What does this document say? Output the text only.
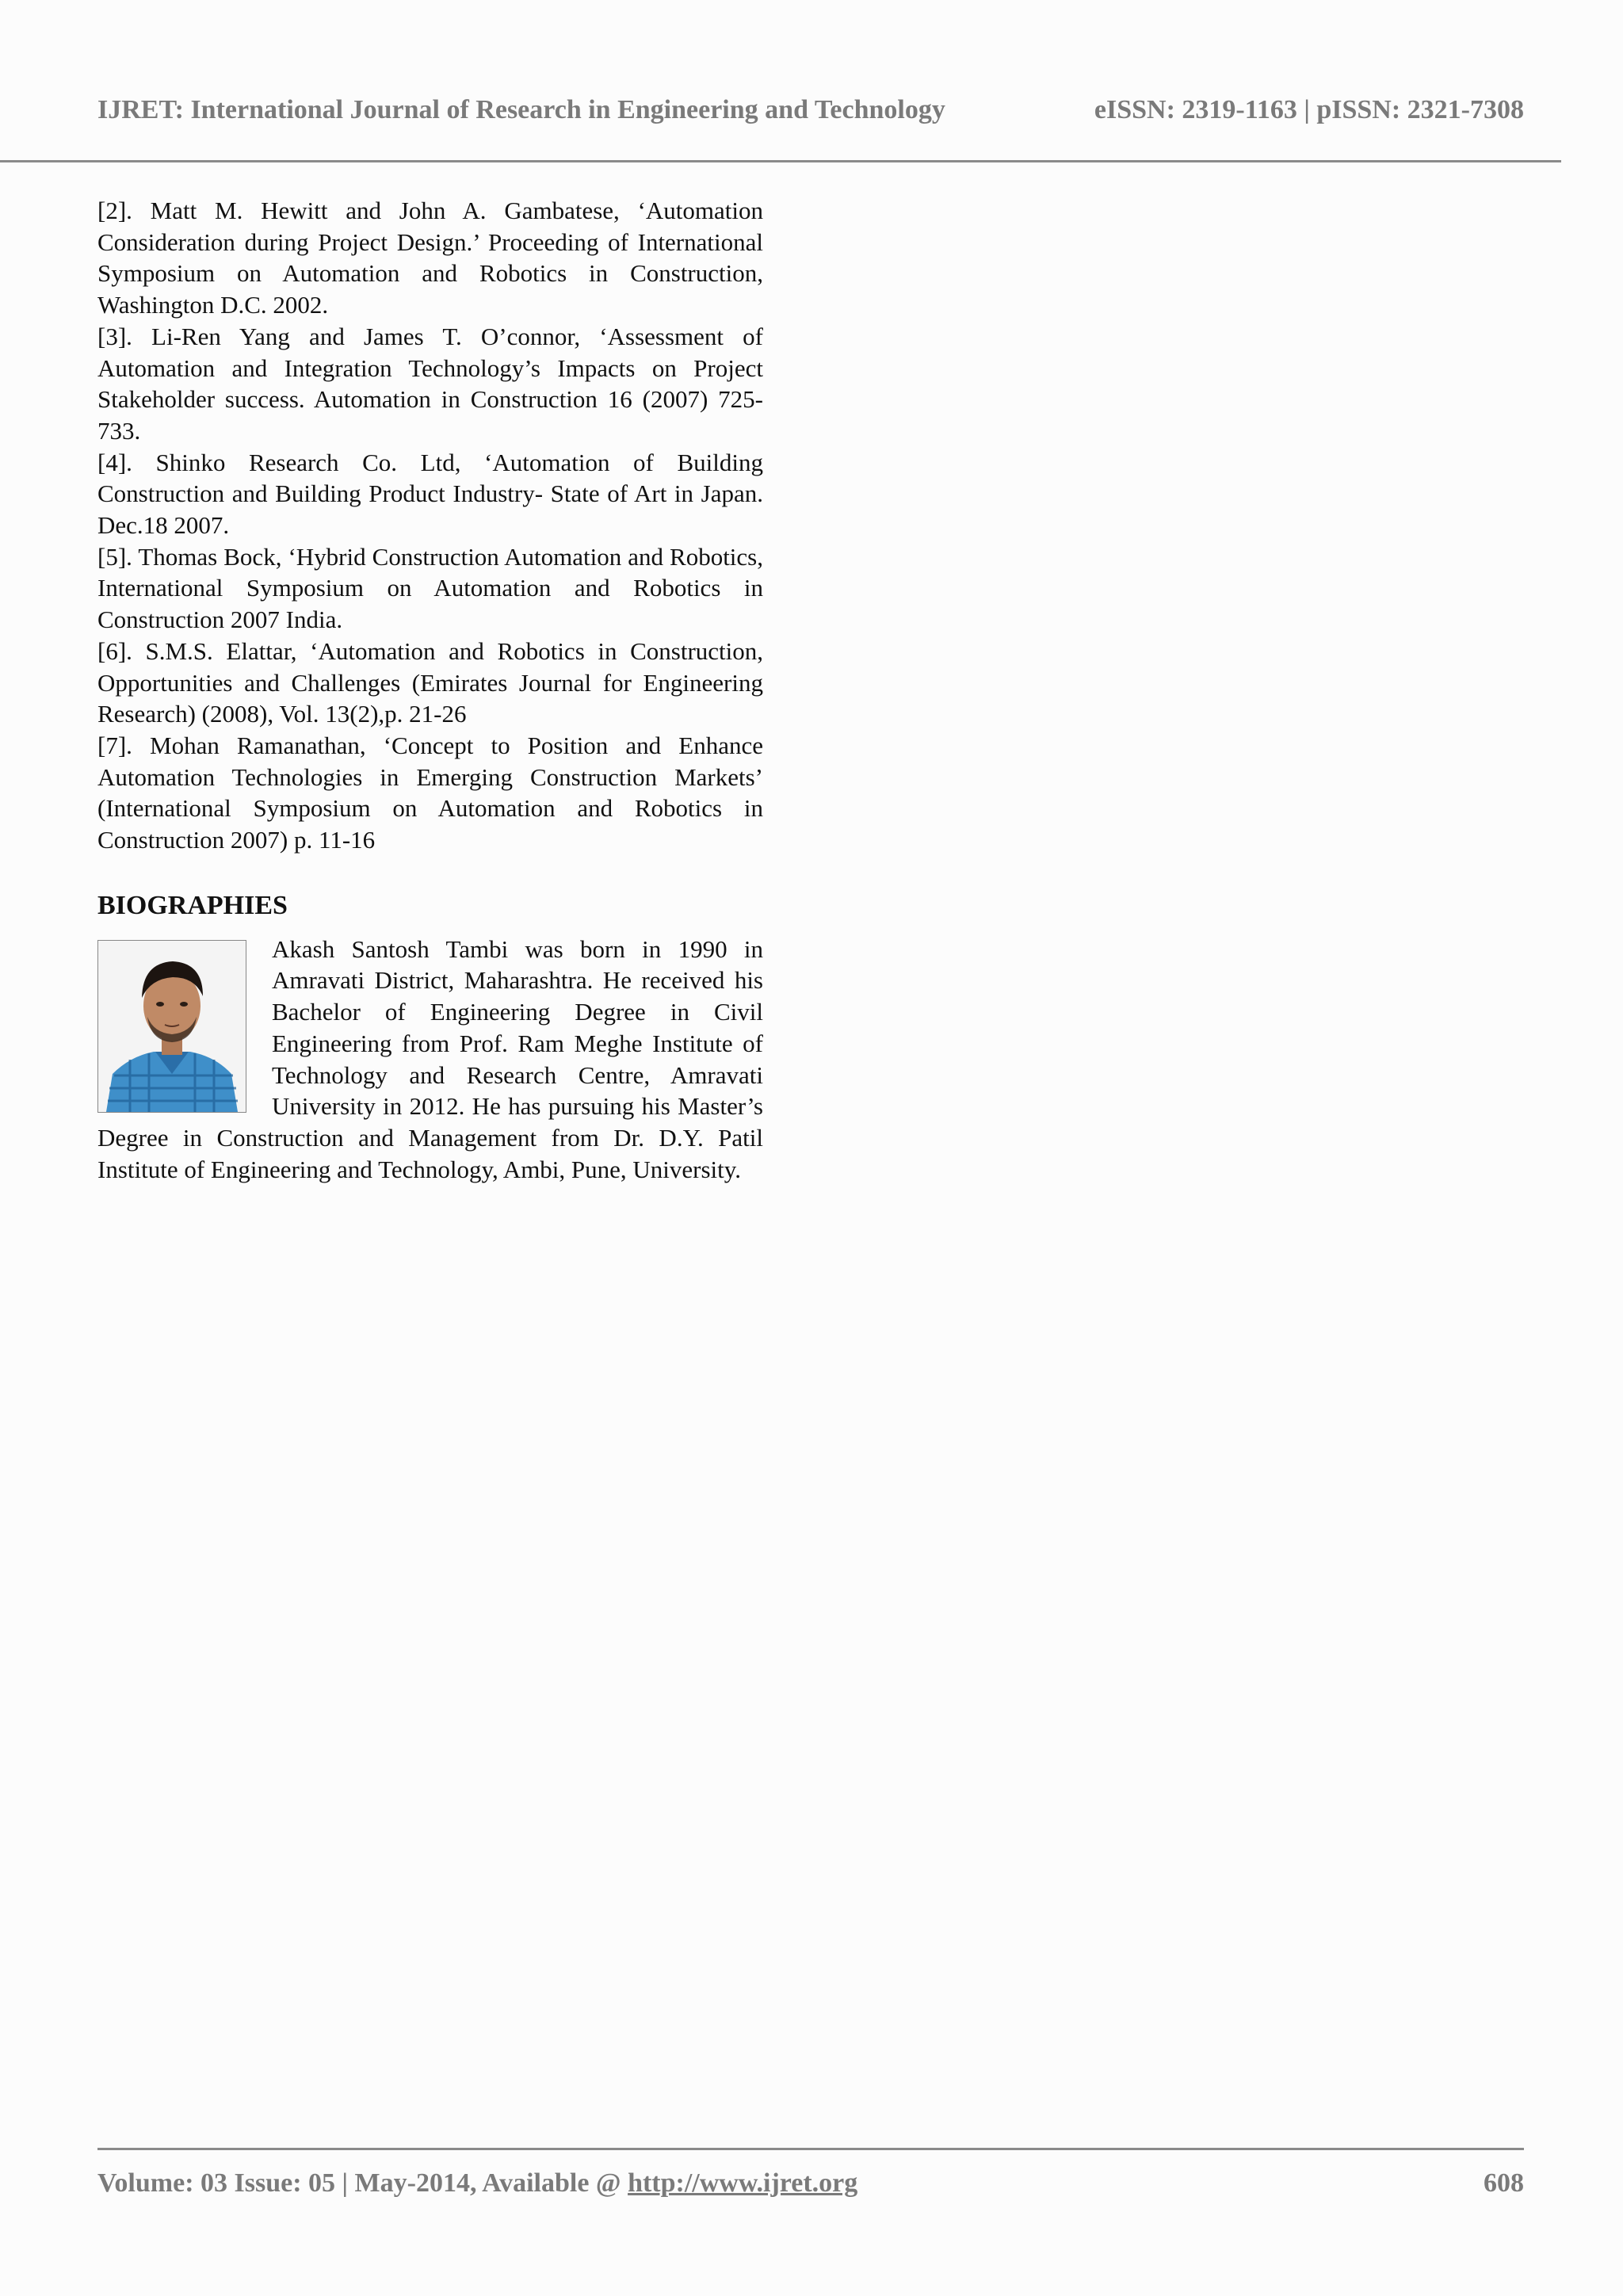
IJRET: International Journal of Research in Engineering and Technology	eISSN: 2319-1163 | pISSN: 2321-7308

[2]. Matt M. Hewitt and John A. Gambatese, ‘Automation Consideration during Project Design.’ Proceeding of International Symposium on Automation and Robotics in Construction, Washington D.C. 2002.

[3]. Li-Ren Yang and James T. O’connor, ‘Assessment of Automation and Integration Technology’s Impacts on Project Stakeholder success. Automation in Construction 16 (2007) 725-733.

[4]. Shinko Research Co. Ltd, ‘Automation of Building Construction and Building Product Industry- State of Art in Japan. Dec.18 2007.

[5]. Thomas Bock, ‘Hybrid Construction Automation and Robotics, International Symposium on Automation and Robotics in Construction 2007 India.

[6]. S.M.S. Elattar, ‘Automation and Robotics in Construction, Opportunities and Challenges (Emirates Journal for Engineering Research) (2008), Vol. 13(2),p. 21-26

[7]. Mohan Ramanathan, ‘Concept to Position and Enhance Automation Technologies in Emerging Construction Markets’ (International Symposium on Automation and Robotics in Construction 2007) p. 11-16

BIOGRAPHIES

Akash Santosh Tambi was born in 1990 in Amravati District, Maharashtra. He received his Bachelor of Engineering Degree in Civil Engineering from Prof. Ram Meghe Institute of Technology and Research Centre, Amravati University in 2012. He has pursuing his Master’s Degree in Construction and Management from Dr. D.Y. Patil Institute of Engineering and Technology, Ambi, Pune, University.

Volume: 03 Issue: 05 | May-2014, Available @ http://www.ijret.org	608
